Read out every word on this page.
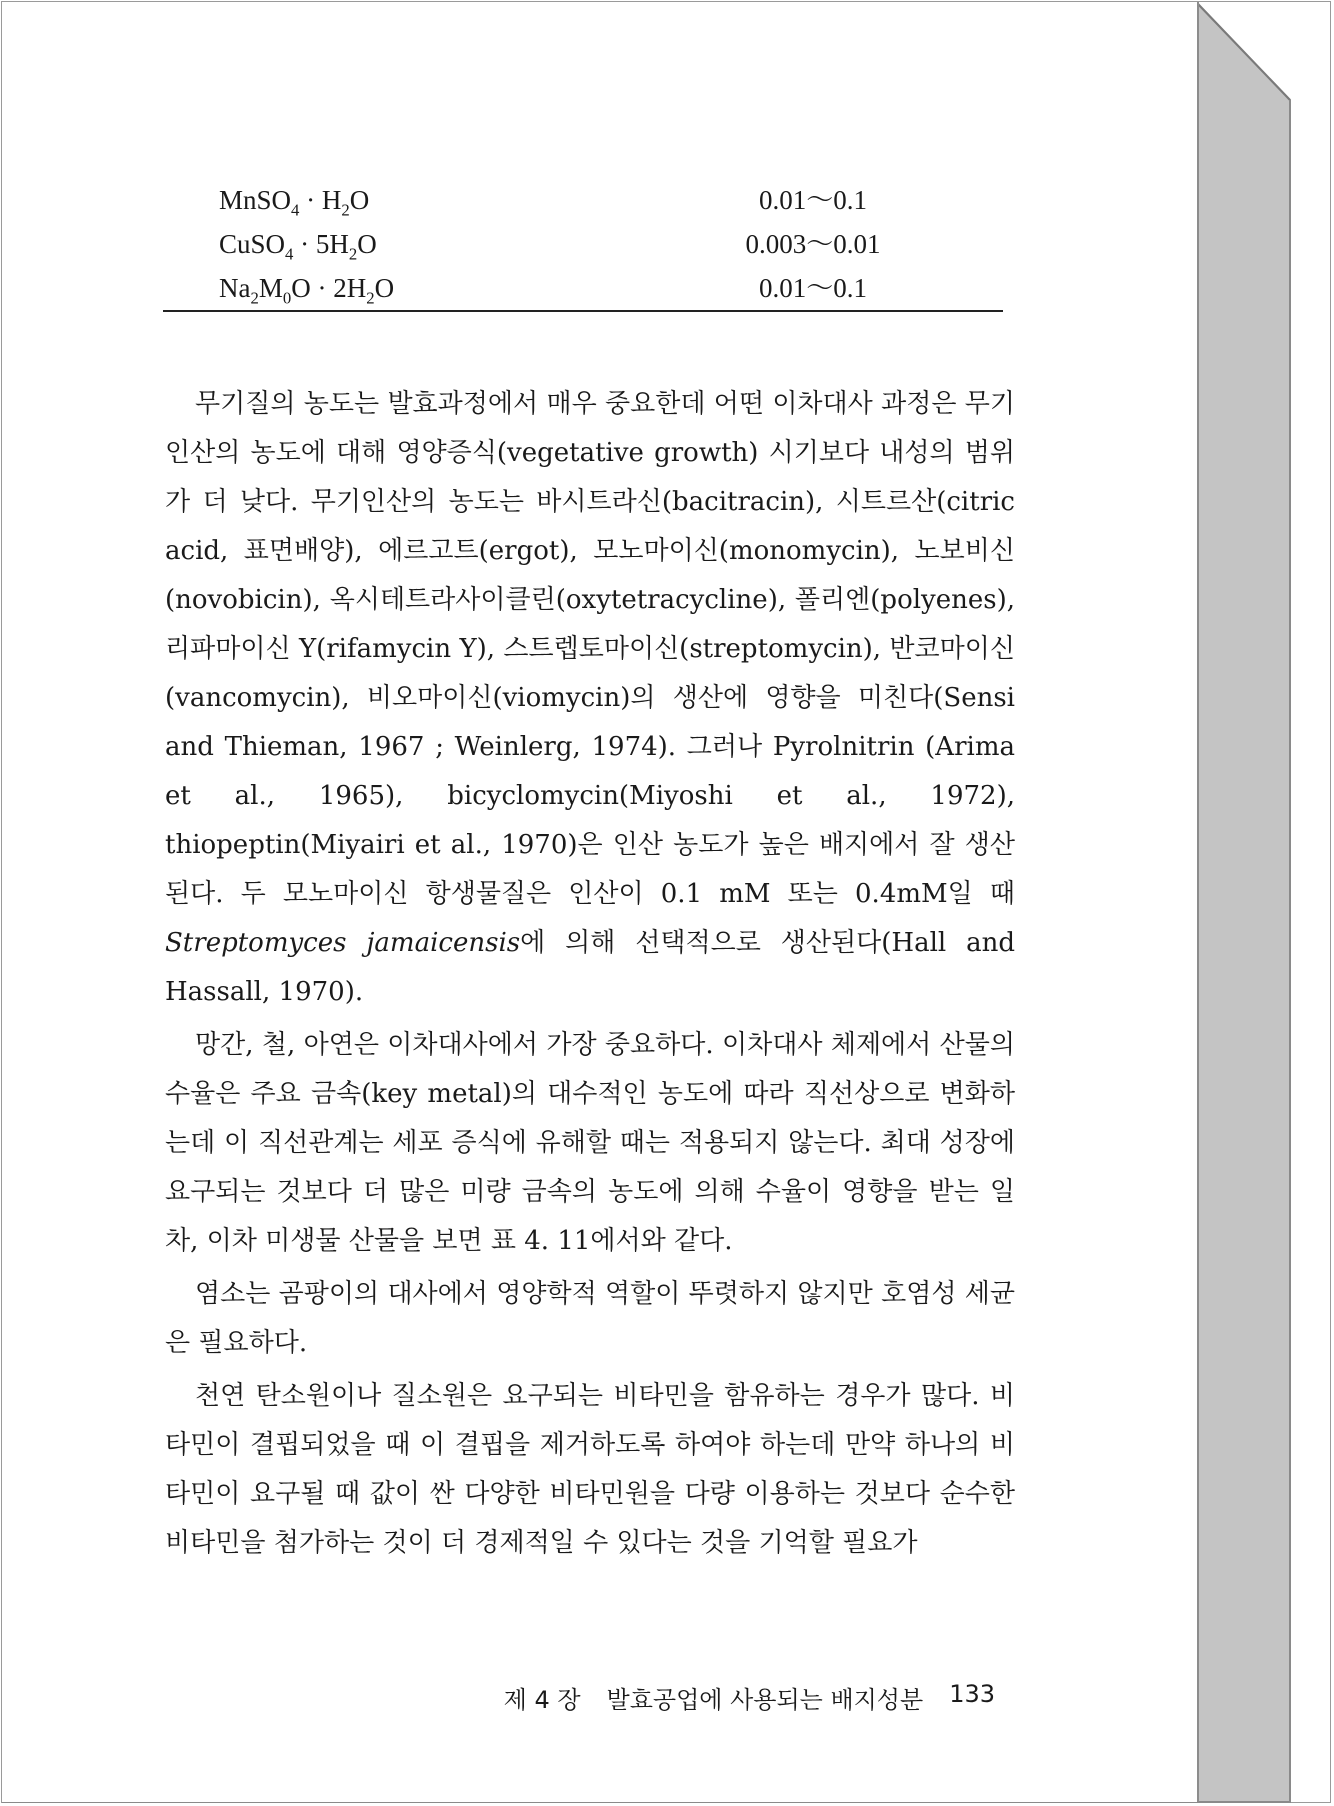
MnSO$_4$ · $H_2O$	0.01～0.1
CuSO$_4$ · $5H_2O$	0.003～0.01
$Na_2M_0O \cdot 2H_2O$	0.01～0.1

무기질의 농도는 발효과정에서 매우 중요한데 어떤 이차대사 과정은 무기인산의 농도에 대해 영양증식(vegetative growth) 시기보다 내성의 범위가 더 낮다. 무기인산의 농도는 바시트라신(bacitracin), 시트르산(citric acid, 표면배양), 에르고트(ergot), 모노마이신(monomycin), 노보비신(novobicin), 옥시테트라사이클린(oxytetracycline), 폴리엔(polyenes), 리파마이신 Y(rifamycin Y), 스트렙토마이신(streptomycin), 반코마이신(vancomycin), 비오마이신(viomycin)의 생산에 영향을 미친다(Sensi and Thieman, 1967 ; Weinlerg, 1974). 그러나 Pyrolnitrin (Arima et al., 1965), bicyclomycin(Miyoshi et al., 1972), thiopeptin(Miyairi et al., 1970)은 인산 농도가 높은 배지에서 잘 생산된다. 두 모노마이신 항생물질은 인산이 0.1 mM 또는 0.4mM일 때 Streptomyces jamaicensis에 의해 선택적으로 생산된다(Hall and Hassall, 1970).

망간, 철, 아연은 이차대사에서 가장 중요하다. 이차대사 체제에서 산물의 수율은 주요 금속(key metal)의 대수적인 농도에 따라 직선상으로 변화하는데 이 직선관계는 세포 증식에 유해할 때는 적용되지 않는다. 최대 성장에 요구되는 것보다 더 많은 미량 금속의 농도에 의해 수율이 영향을 받는 일차, 이차 미생물 산물을 보면 표 4. 11에서와 같다.

염소는 곰팡이의 대사에서 영양학적 역할이 뚜렷하지 않지만 호염성 세균은 필요하다.

천연 탄소원이나 질소원은 요구되는 비타민을 함유하는 경우가 많다. 비타민이 결핍되었을 때 이 결핍을 제거하도록 하여야 하는데 만약 하나의 비타민이 요구될 때 값이 싼 다양한 비타민원을 다량 이용하는 것보다 순수한 비타민을 첨가하는 것이 더 경제적일 수 있다는 것을 기억할 필요가

제 4 장 발효공업에 사용되는 배지성분 133
